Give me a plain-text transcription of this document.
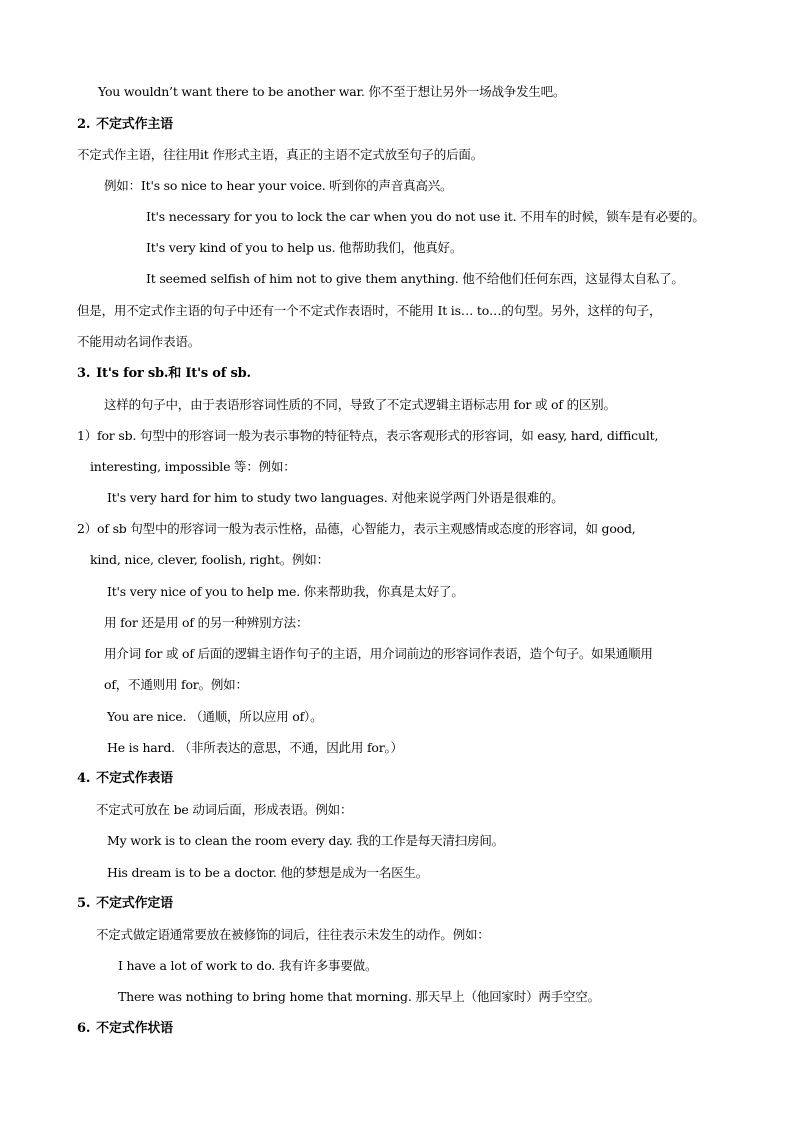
You wouldn’t want there to be another war. 你不至于想让另外一场战争发生吧。
2. 不定式作主语
不定式作主语，往往用it 作形式主语，真正的主语不定式放至句子的后面。
例如：It's so nice to hear your voice. 听到你的声音真高兴。
It's necessary for you to lock the car when you do not use it. 不用车的时候，锁车是有必要的。
It's very kind of you to help us. 他帮助我们，他真好。
It seemed selfish of him not to give them anything. 他不给他们任何东西，这显得太自私了。
但是，用不定式作主语的句子中还有一个不定式作表语时，不能用 It is… to…的句型。另外，这样的句子，
不能用动名词作表语。
3. It's for sb.和 It's of sb.
这样的句子中，由于表语形容词性质的不同，导致了不定式逻辑主语标志用 for 或 of 的区别。
1）for sb. 句型中的形容词一般为表示事物的特征特点，表示客观形式的形容词，如 easy, hard, difficult,
interesting, impossible 等：例如：
It's very hard for him to study two languages. 对他来说学两门外语是很难的。
2）of sb 句型中的形容词一般为表示性格，品德，心智能力，表示主观感情或态度的形容词，如 good,
kind, nice, clever, foolish, right。例如：
It's very nice of you to help me. 你来帮助我，你真是太好了。
用 for 还是用 of 的另一种辨别方法：
用介词 for 或 of 后面的逻辑主语作句子的主语，用介词前边的形容词作表语，造个句子。如果通顺用
of，不通则用 for。例如：
You are nice. （通顺，所以应用 of）。
He is hard. （非所表达的意思，不通，因此用 for。）
4. 不定式作表语
不定式可放在 be 动词后面，形成表语。例如：
My work is to clean the room every day. 我的工作是每天清扫房间。
His dream is to be a doctor. 他的梦想是成为一名医生。
5. 不定式作定语
不定式做定语通常要放在被修饰的词后，往往表示未发生的动作。例如：
I have a lot of work to do. 我有许多事要做。
There was nothing to bring home that morning. 那天早上（他回家时）两手空空。
6. 不定式作状语
